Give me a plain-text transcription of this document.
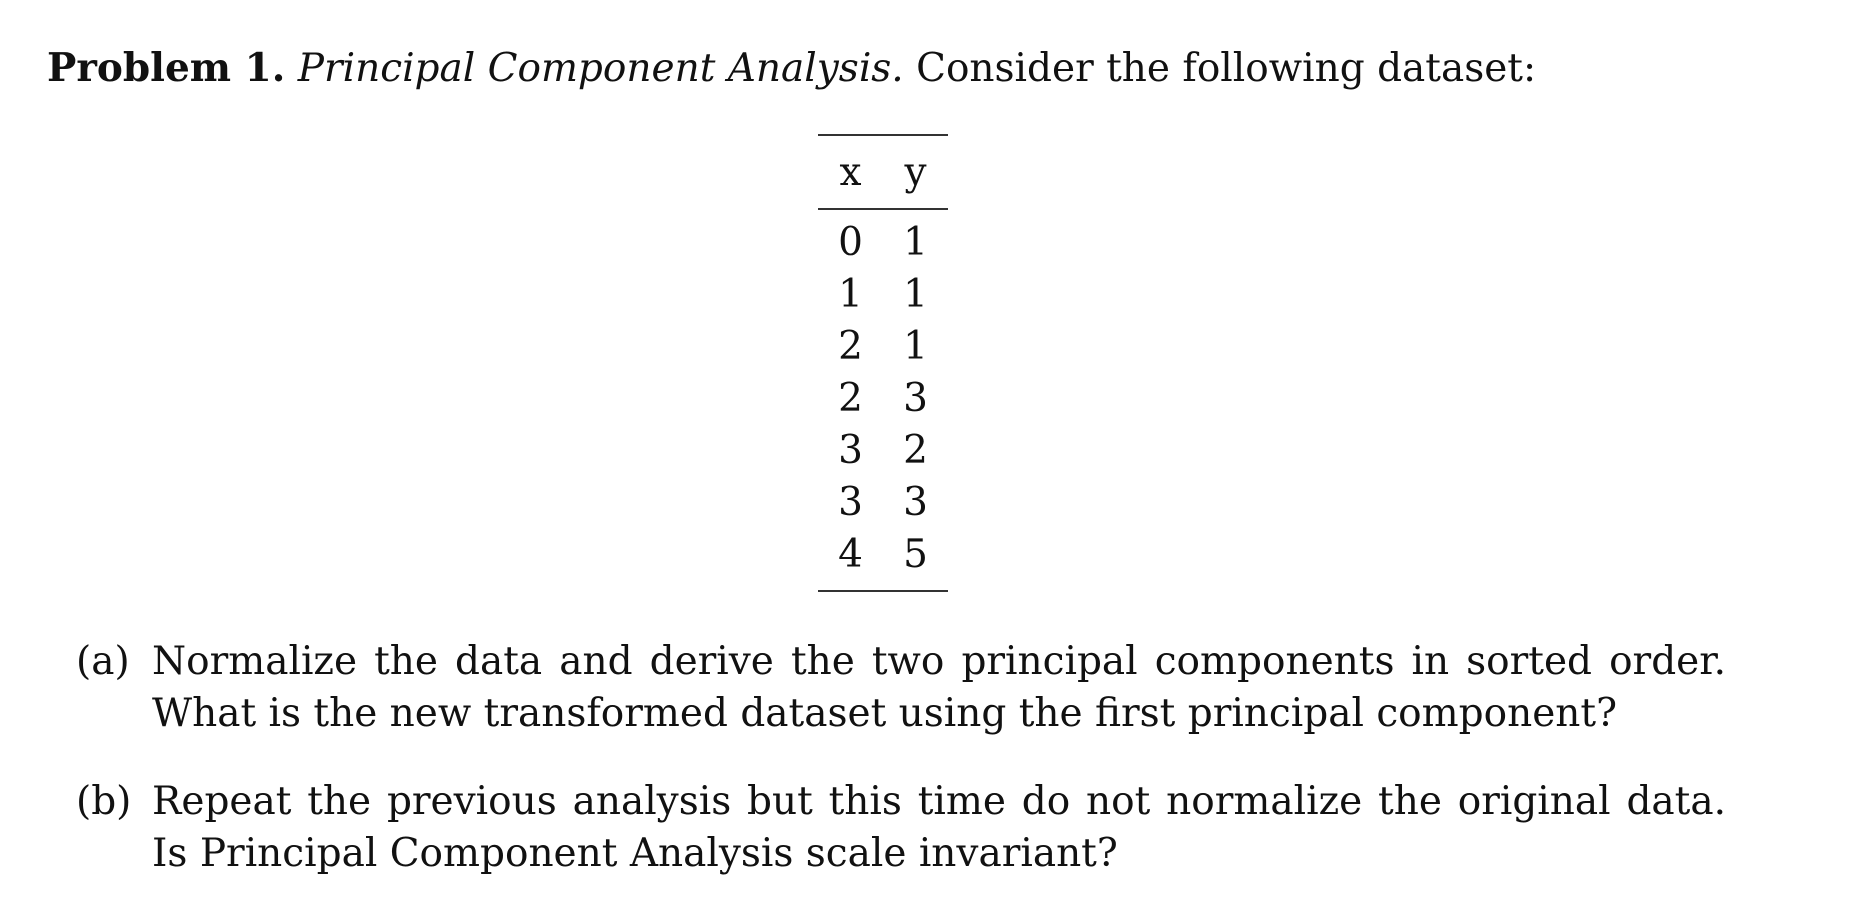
Problem 1. Principal Component Analysis. Consider the following dataset:
x	y
0	1
1	1
2	1
2	3
3	2
3	3
4	5
(a) Normalize the data and derive the two principal components in sorted order. What is the new transformed dataset using the first principal component?
(b) Repeat the previous analysis but this time do not normalize the original data. Is Principal Component Analysis scale invariant?
